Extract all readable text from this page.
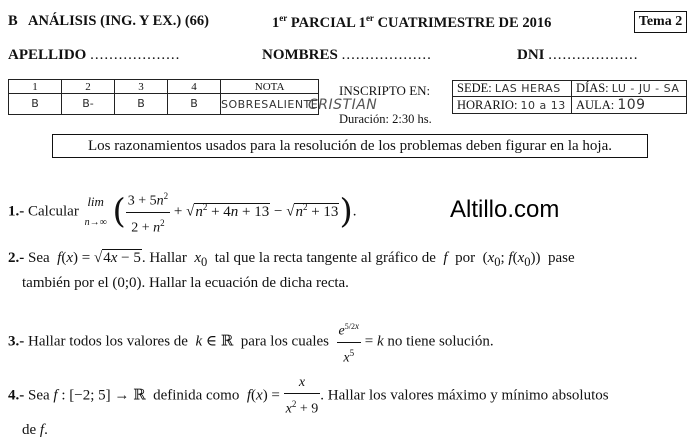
B ANÁLISIS (ING. Y EX.) (66)	1er PARCIAL 1er CUATRIMESTRE DE 2016	Tema 2
APELLIDO ...................	NOMBRES ...................	DNI ...................
1	2	3	4	NOTA
B	B-	B	B	SOBRESALIENTE
INSCRIPTO EN:
CRISTIAN
Duración: 2:30 hs.
SEDE: LAS HERAS	DÍAS: LU - JU - SA
HORARIO: 10 a 13	AULA: 109
Los razonamientos usados para la resolución de los problemas deben figurar en la hoja.
Altillo.com
1.- Calcular
lim
n→∞ ( $\frac{3 + 5n^2}{2 + n^2} + √n^2 + 4n + 13 - √n^2 + 13$).
2.- Sea f(x) = √4x − 5. Hallar $x_0$ tal que la recta tangente al gráfico de f por  ($x_0$; $f(x_0)$)  pase
también por el (0;0). Hallar la ecuación de dicha recta.
3.- Hallar todos los valores de k ∈ ℝ  para los cuales $\frac{e^{5/2x}}{x^5} = k$ no tiene solución.
4.- Sea f : [−2; 5] → ℝ  definida como $f(x) = \frac{x}{x^2 + 9}$ . Hallar los valores máximo y mínimo absolutos
de f.
